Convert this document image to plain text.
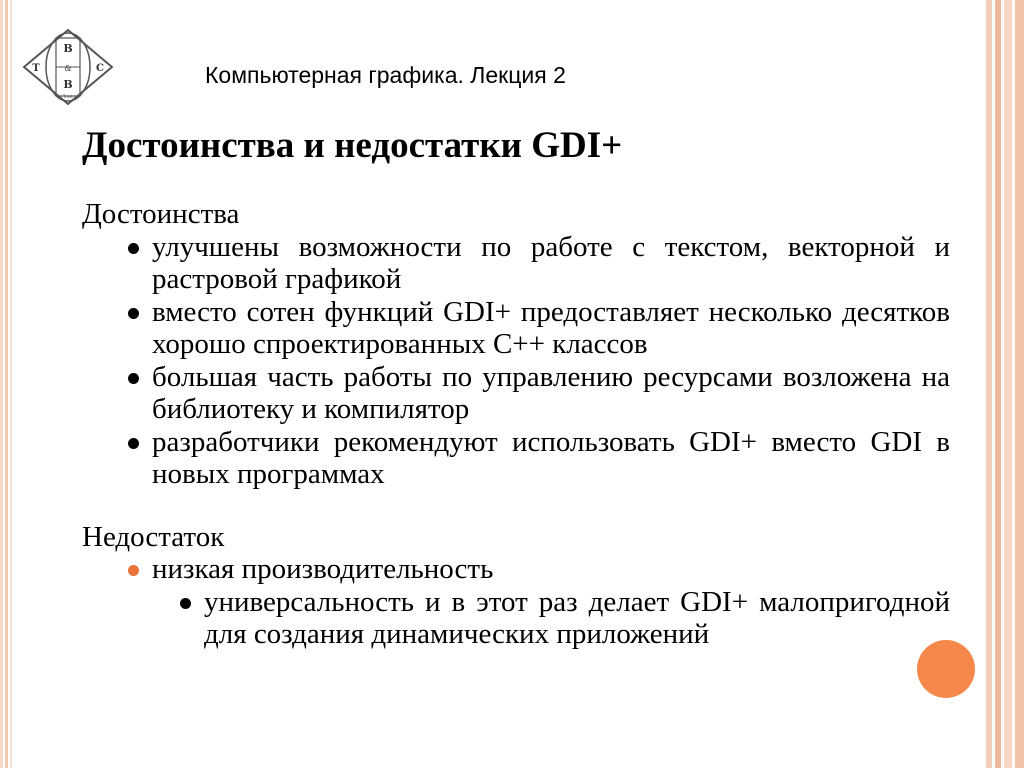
B
T	C
&
B
Trust
Компьютерная графика. Лекция 2
Достоинства и недостатки GDI+
Достоинства
улучшены возможности по работе с текстом, векторной и растровой графикой
вместо сотен функций GDI+ предоставляет несколько десятков хорошо спроектированных C++ классов
большая часть работы по управлению ресурсами возложена на библиотеку и компилятор
разработчики рекомендуют использовать GDI+ вместо GDI в новых программах
Недостаток
низкая производительность
универсальность и в этот раз делает GDI+ малопригодной для создания динамических приложений
